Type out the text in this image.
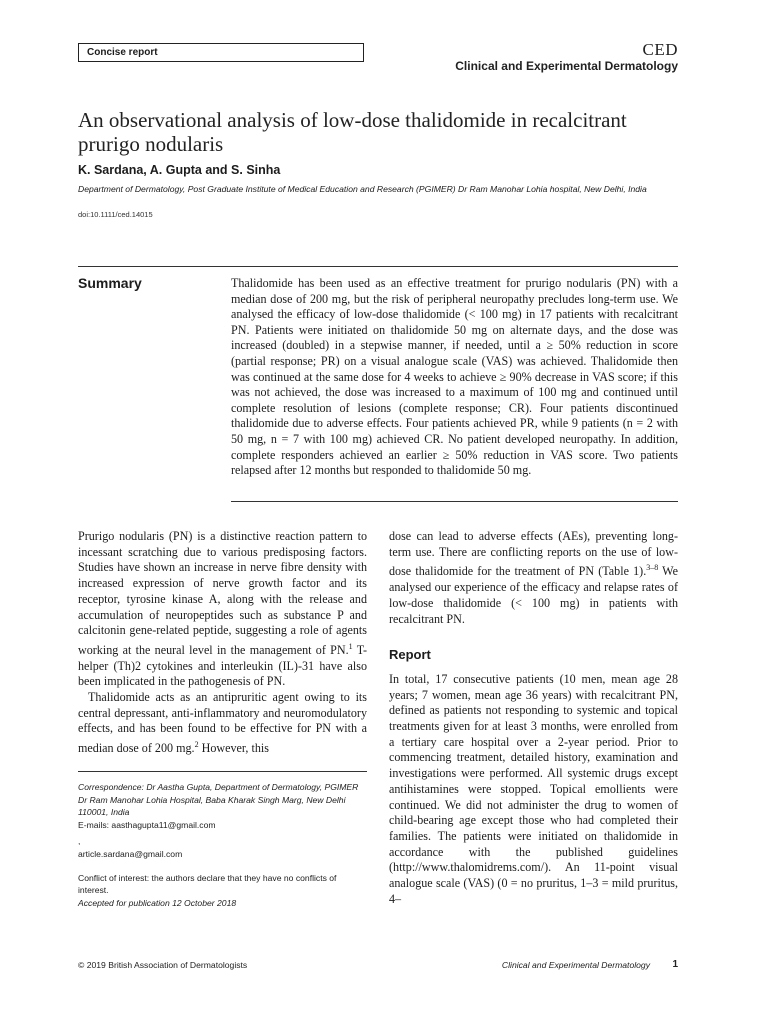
Concise report	CED
Clinical and Experimental Dermatology
An observational analysis of low-dose thalidomide in recalcitrant prurigo nodularis
K. Sardana, A. Gupta and S. Sinha
Department of Dermatology, Post Graduate Institute of Medical Education and Research (PGIMER) Dr Ram Manohar Lohia hospital, New Delhi, India
doi:10.1111/ced.14015
Summary	Thalidomide has been used as an effective treatment for prurigo nodularis (PN) with a median dose of 200 mg, but the risk of peripheral neuropathy precludes long-term use. We analysed the efficacy of low-dose thalidomide (< 100 mg) in 17 patients with recalcitrant PN. Patients were initiated on thalidomide 50 mg on alternate days, and the dose was increased (doubled) in a stepwise manner, if needed, until a ≥ 50% reduction in score (partial response; PR) on a visual analogue scale (VAS) was achieved. Thalidomide then was continued at the same dose for 4 weeks to achieve ≥ 90% decrease in VAS score; if this was not achieved, the dose was increased to a maximum of 100 mg and continued until complete resolution of lesions (complete response; CR). Four patients discontinued thalidomide due to adverse effects. Four patients achieved PR, while 9 patients (n = 2 with 50 mg, n = 7 with 100 mg) achieved CR. No patient developed neuropathy. In addition, complete responders achieved an earlier ≥ 50% reduction in VAS score. Two patients relapsed after 12 months but responded to thalidomide 50 mg.

Prurigo nodularis (PN) is a distinctive reaction pattern to incessant scratching due to various predisposing factors. Studies have shown an increase in nerve fibre density with increased expression of nerve growth factor and its receptor, tyrosine kinase A, along with the release and accumulation of neuropeptides such as substance P and calcitonin gene-related peptide, suggesting a role of agents working at the neural level in the management of PN.$^1$ T-helper (Th)2 cytokines and interleukin (IL)-31 have also been implicated in the pathogenesis of PN.

Thalidomide acts as an antipruritic agent owing to its central depressant, anti-inflammatory and neuromodulatory effects, and has been found to be effective for PN with a median dose of 200 mg.$^2$ However, this

Correspondence: Dr Aastha Gupta, Department of Dermatology, PGIMER Dr Ram Manohar Lohia Hospital, Baba Kharak Singh Marg, New Delhi 110001, India

E-mails: aasthagupta11@gmail.com

,

article.sardana@gmail.com

Conflict of interest: the authors declare that they have no conflicts of interest.

Accepted for publication 12 October 2018

dose can lead to adverse effects (AEs), preventing long-term use. There are conflicting reports on the use of low-dose thalidomide for the treatment of PN (Table 1).$^{3-8}$ We analysed our experience of the efficacy and relapse rates of low-dose thalidomide (< 100 mg) in patients with recalcitrant PN.

Report

In total, 17 consecutive patients (10 men, mean age 28 years; 7 women, mean age 36 years) with recalcitrant PN, defined as patients not responding to systemic and topical treatments given for at least 3 months, were enrolled from a tertiary care hospital over a 2-year period. Prior to commencing treatment, detailed history, examination and investigations were performed. All systemic drugs except antihistamines were stopped. Topical emollients were continued. We did not administer the drug to women of child-bearing age except those who had completed their families. The patients were initiated on thalidomide in accordance with the published guidelines (http://www.thalomidrems.com/). An 11-point visual analogue scale (VAS) (0 = no pruritus, 1–3 = mild pruritus, 4–

© 2019 British Association of Dermatologists	Clinical and Experimental Dermatology 1
